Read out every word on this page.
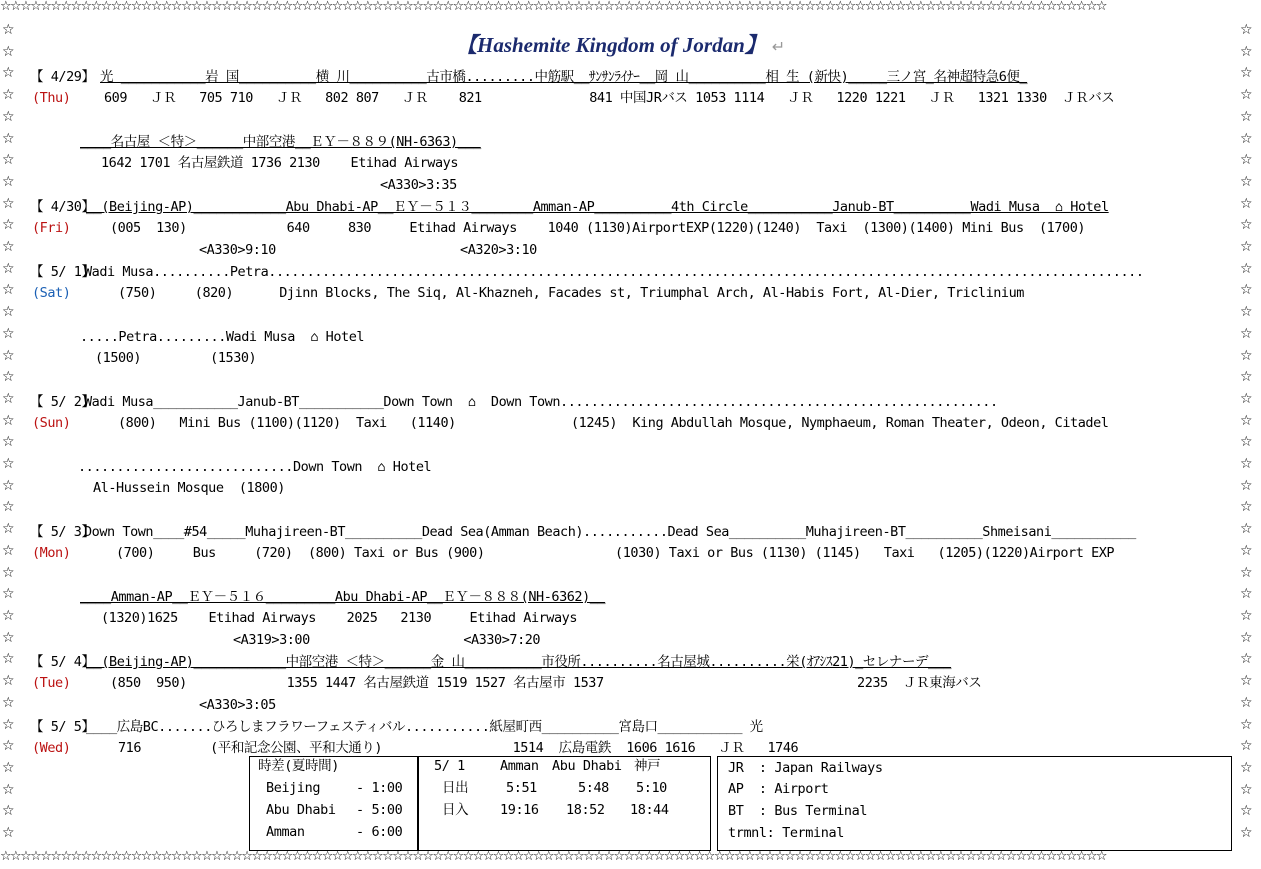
☆☆☆☆☆☆☆☆☆☆☆☆☆☆☆☆☆☆☆☆☆☆☆☆☆☆☆☆☆☆☆☆☆☆☆☆☆☆☆☆☆☆☆☆☆☆☆☆☆☆☆☆☆☆☆☆☆☆☆☆☆☆☆☆☆☆☆☆☆☆☆☆☆☆☆☆☆☆☆☆☆☆☆☆☆☆☆☆☆☆☆☆☆☆☆☆☆☆☆☆☆☆☆☆☆☆☆☆☆☆
☆☆☆☆☆☆☆☆☆☆☆☆☆☆☆☆☆☆☆☆☆☆☆☆☆☆☆☆☆☆☆☆☆☆☆☆☆☆☆☆☆☆☆☆☆☆☆☆☆☆☆☆☆☆☆☆☆☆☆☆☆☆☆☆☆☆☆☆☆☆☆☆☆☆☆☆☆☆☆☆☆☆☆☆☆☆☆☆☆☆☆☆☆☆☆☆☆☆☆☆☆☆☆☆☆☆☆☆☆☆
☆
☆
☆
☆
☆
☆
☆
☆
☆
☆
☆
☆
☆
☆
☆
☆
☆
☆
☆
☆
☆
☆
☆
☆
☆
☆
☆
☆
☆
☆
☆
☆
☆
☆
☆
☆
☆
☆
☆
☆
☆
☆
☆
☆
☆
☆
☆
☆
☆
☆
☆
☆
☆
☆
☆
☆
☆
☆
☆
☆
☆
☆
☆
☆
☆
☆
☆
☆
☆
☆
☆
☆
☆
☆
☆
☆
【Hashemite Kingdom of Jordan】 ↵
【 4/29】 光 ___________岩 国__________横 川__________古市橋.........中筋駅__ｻﾝｻﾝﾗｲﾅｰ__岡 山__________相 生 (新快)_____三ノ宮_名神超特急6便_
(Thu) 609   ＪＲ   705 710   ＪＲ   802 807   ＪＲ    821              841 中国JRバス 1053 1114   ＪＲ   1220 1221   ＪＲ   1321 1330  ＪＲバス
____名古屋 ＜特＞______中部空港__ＥＹ－８８９(NH-6363)___
1642 1701 名古屋鉄道 1736 2130    Etihad Airways
<A330>3:35
【 4/30】
__(Beijing-AP)____________Abu Dhabi-AP__ＥＹ－５１３________Amman-AP__________4th Circle___________Janub-BT__________Wadi Musa  ⌂ Hotel
(Fri)	(005  130)             640     830     Etihad Airways    1040 (1130)AirportEXP(1220)(1240)  Taxi  (1300)(1400) Mini Bus  (1700)
<A330>9:10                        <A320>3:10
【 5/ 1】
Wadi Musa..........Petra..................................................................................................................
(Sat)	(750)     (820)      Djinn Blocks, The Siq, Al-Khazneh, Facades st, Triumphal Arch, Al-Habis Fort, Al-Dier, Triclinium
.....Petra.........Wadi Musa  ⌂ Hotel
(1500)         (1530)
【 5/ 2】
Wadi Musa___________Janub-BT___________Down Town  ⌂  Down Town.........................................................
(Sun)	(800)   Mini Bus (1100)(1120)  Taxi   (1140)               (1245)  King Abdullah Mosque, Nymphaeum, Roman Theater, Odeon, Citadel
............................Down Town  ⌂ Hotel
Al-Hussein Mosque  (1800)
【 5/ 3】
Down Town____#54_____Muhajireen-BT__________Dead Sea(Amman Beach)...........Dead Sea__________Muhajireen-BT__________Shmeisani___________
(Mon)	(700)     Bus     (720)  (800) Taxi or Bus (900)                 (1030) Taxi or Bus (1130) (1145)   Taxi   (1205)(1220)Airport EXP
____Amman-AP__ＥＹ－５１６_________Abu Dhabi-AP__ＥＹ－８８８(NH-6362)__
(1320)1625    Etihad Airways    2025   2130     Etihad Airways
<A319>3:00                    <A330>7:20
【 5/ 4】
__(Beijing-AP)____________中部空港 ＜特＞______金 山__________市役所..........名古屋城..........栄(ｵｱｼｽ21)_セレナーデ___
(Tue)	(850  950)             1355 1447 名古屋鉄道 1519 1527 名古屋市 1537                                 2235  ＪＲ東海バス
<A330>3:05
【 5/ 5】
____広島BC.......ひろしまフラワーフェスティバル...........紙屋町西__________宮島口___________ 光
(Wed)	716         (平和記念公園、平和大通り)                 1514  広島電鉄  1606 1616   ＪＲ   1746
時差(夏時間)
Beijing	- 1:00
Abu Dhabi - 5:00
Amman	- 6:00
5/ 1	Amman Abu Dhabi 神戸
日出	5:51	5:48 5:10
日入 19:16 18:52 18:44
JR  : Japan Railways
AP  : Airport
BT  : Bus Terminal
trmnl: Terminal
